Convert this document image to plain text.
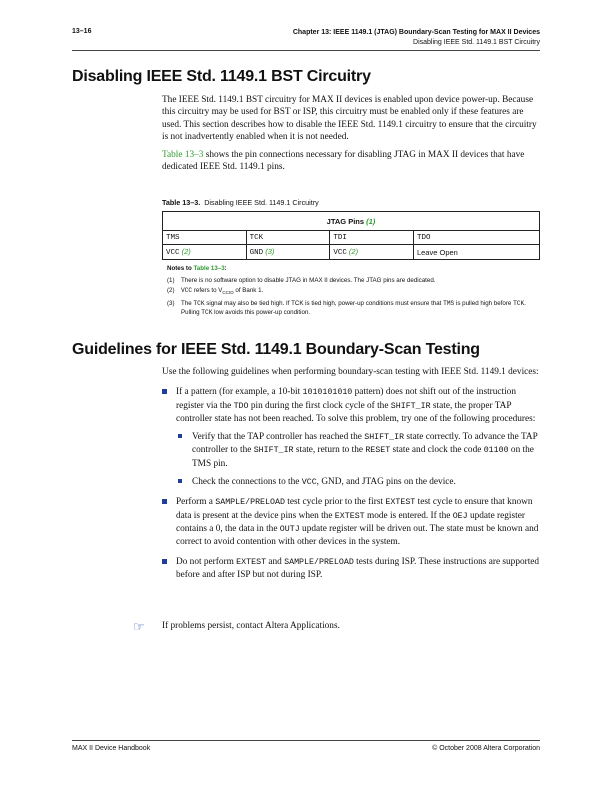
13–16	Chapter 13: IEEE 1149.1 (JTAG) Boundary-Scan Testing for MAX II Devices
Disabling IEEE Std. 1149.1 BST Circuitry
Disabling IEEE Std. 1149.1 BST Circuitry

The IEEE Std. 1149.1 BST circuitry for MAX II devices is enabled upon device power-up. Because this circuitry may be used for BST or ISP, this circuitry must be enabled only if these features are used. This section describes how to disable the IEEE Std. 1149.1 circuitry to ensure that the circuitry is not inadvertently enabled when it is not needed.

Table 13–3 shows the pin connections necessary for disabling JTAG in MAX II devices that have dedicated IEEE Std. 1149.1 pins.

Table 13–3. Disabling IEEE Std. 1149.1 Circuitry
JTAG Pins (1)			
TMS	TCK	TDI	TDO
VCC (2)	GND (3)	VCC (2)	Leave Open
Notes to Table 13–3:
(1) There is no software option to disable JTAG in MAX II devices. The JTAG pins are dedicated.
(2) VCC refers to $V_{CCIO}$ of Bank 1.
(3) The TCK signal may also be tied high. If TCK is tied high, power-up conditions must ensure that TMS is pulled high before TCK. Pulling TCK low avoids this power-up condition.
Guidelines for IEEE Std. 1149.1 Boundary-Scan Testing

Use the following guidelines when performing boundary-scan testing with IEEE Std. 1149.1 devices:

If a pattern (for example, a 10-bit 1010101010 pattern) does not shift out of the instruction register via the TDO pin during the first clock cycle of the SHIFT_IR state, the proper TAP controller state has not been reached. To solve this problem, try one of the following procedures:
Verify that the TAP controller has reached the SHIFT_IR state correctly. To advance the TAP controller to the SHIFT_IR state, return to the RESET state and clock the code 01100 on the TMS pin.
Check the connections to the VCC, GND, and JTAG pins on the device.
Perform a SAMPLE/PRELOAD test cycle prior to the first EXTEST test cycle to ensure that known data is present at the device pins when the EXTEST mode is entered. If the OEJ update register contains a 0, the data in the OUTJ update register will be driven out. The state must be known and correct to avoid contention with other devices in the system.
Do not perform EXTEST and SAMPLE/PRELOAD tests during ISP. These instructions are supported before and after ISP but not during ISP.
☞ If problems persist, contact Altera Applications.
MAX II Device Handbook	© October 2008 Altera Corporation
